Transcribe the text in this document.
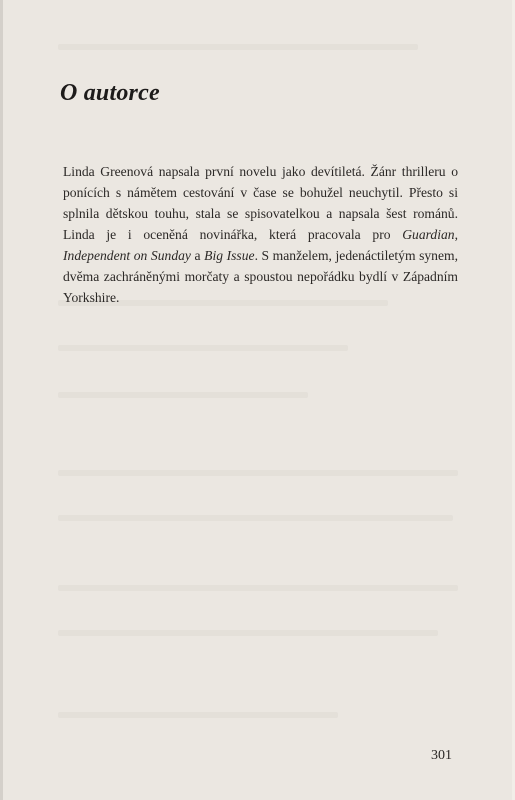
O autorce

Linda Greenová napsala první novelu jako devítiletá. Žánr thrilleru o ponících s námětem cestování v čase se bohužel neuchytil. Přesto si splnila dětskou touhu, stala se spisovatelkou a napsala šest románů. Linda je i oceněná novinářka, která pracovala pro Guardian, Independent on Sunday a Big Issue. S manželem, jedenáctiletým synem, dvěma zachráněnými morčaty a spoustou nepořádku bydlí v Západním Yorkshire.

301
